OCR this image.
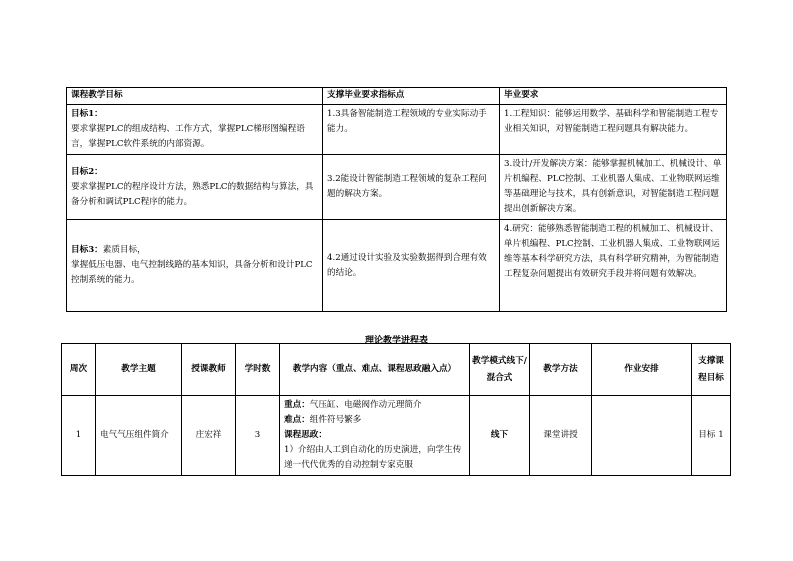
课程教学目标	支撑毕业要求指标点	毕业要求
目标1：
要求掌握PLC的组成结构、工作方式，掌握PLC梯形图编程语言，掌握PLC软件系统的内部资源。	1.3具备智能制造工程领域的专业实际动手能力。	1.工程知识：能够运用数学、基础科学和智能制造工程专业相关知识，对智能制造工程问题具有解决能力。
目标2：
要求掌握PLC的程序设计方法，熟悉PLC的数据结构与算法，具备分析和调试PLC程序的能力。	3.2能设计智能制造工程领域的复杂工程问题的解决方案。	3.设计/开发解决方案：能够掌握机械加工、机械设计、单片机编程、PLC控制、工业机器人集成、工业物联网运维等基础理论与技术，具有创新意识，对智能制造工程问题提出创新解决方案。
目标3：素质目标，
掌握低压电器、电气控制线路的基本知识，具备分析和设计PLC控制系统的能力。	4.2通过设计实验及实验数据得到合理有效的结论。	4.研究：能够熟悉智能制造工程的机械加工、机械设计、单片机编程、PLC控制、工业机器人集成、工业物联网运维等基本科学研究方法，具有科学研究精神，为智能制造工程复杂问题提出有效研究手段并将问题有效解决。
理论教学进程表
周次	教学主题	授课教师	学时数	教学内容（重点、难点、课程思政融入点）	教学模式线下/混合式	教学方法	作业安排	支撑课程目标
1	电气气压组件简介	庄宏祥	3	重点：气压缸、电磁阀作动元理简介
难点：组件符号繁多
课程思政：
1）介绍由人工到自动化的历史演进，向学生传递一代代优秀的自动控制专家克服	线下	课堂讲授		目标 1
